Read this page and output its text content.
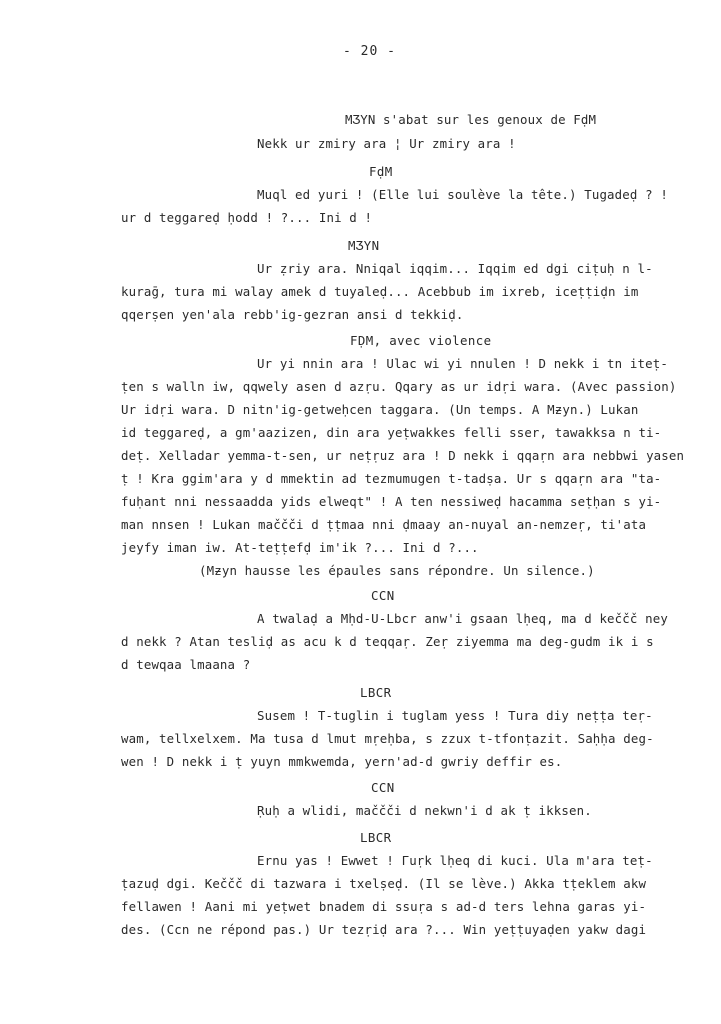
- 20 -
MƷYN s'abat sur les genoux de FḍM
Nekk ur zmiry ara ¦ Ur zmiry ara !
FḍM
Muql ed yuri ! (Elle lui soulève la tête.) Tugadeḍ ? !
ur d teggareḍ ḥodd ! ?... Ini d !
MƷYN
Ur ẓriy ara. Nniqal iqqim... Iqqim ed dgi ciṭuḥ n l-
kuraḡ, tura mi walay amek d tuyaleḍ... Acebbub im ixreb, iceṭṭiḍn im
qqerṣen yen'ala rebb'ig-gezran ansi d tekkiḍ.
FḌM, avec violence
Ur yi nnin ara ! Ulac wi yi nnulen ! D nekk i tn iteṭ-
ṭen s walln iw, qqwely asen d azṛu. Qqary as ur idṛi wara. (Avec passion)
Ur idṛi wara. D nitn'ig-getweḥcen taggara. (Un temps. A Mƶyn.) Lukan
id teggareḍ, a gm'aazizen, din ara yeṭwakkes felli sser, tawakksa n ti-
deṭ. Xelladar yemma-t-sen, ur neṭṛuz ara ! D nekk i qqaṛn ara nebbwi yasen
ṭ ! Kra ggim'ara y d mmektin ad tezmumugen t-tadṣa. Ur s qqaṛn ara "ta-
fuḥant nni nessaadda yids elweqt" ! A ten nessiweḍ hacamma seṭḥan s yi-
man nnsen ! Lukan maččči d ṭṭmaa nni ḍmaay an-nuyal an-nemzeṛ, ti'ata
jeyfy iman iw. At-teṭṭefḍ im'ik ?... Ini d ?...
(Mƶyn hausse les épaules sans répondre. Un silence.)
CCN
A twalaḍ a Mḥd-U-Lbcr anw'i gsaan lḥeq, ma d keččč ney
d nekk ? Atan tesliḍ as acu k d teqqaṛ. Zeṛ ziyemma ma deg-gudm ik i s
d tewqaa lmaana ?
LBCR
Susem ! T-tuglin i tuglam yess ! Tura diy neṭṭa teṛ-
wam, tellxelxem. Ma tusa d lmut mṛeḥba, s zzux t-tfonṭazit. Saḥḥa deg-
wen ! D nekk i ṭ yuyn mmkwemda, yern'ad-d gwriy deffir es.
CCN
Ṛuḥ a wlidi, maččči d nekwn'i d ak ṭ ikksen.
LBCR
Ernu yas ! Ewwet ! Γuṛk lḥeq di kuci. Ula m'ara teṭ-
ṭazuḍ dgi. Keččč di tazwara i txelṣeḍ. (Il se lève.) Akka tṭeklem akw
fellawen ! Aani mi yeṭwet bnadem di ssuṛa s ad-d ters lehna garas yi-
des. (Ccn ne répond pas.) Ur tezṛiḍ ara ?... Win yeṭṭuyaḍen yakw dagi
